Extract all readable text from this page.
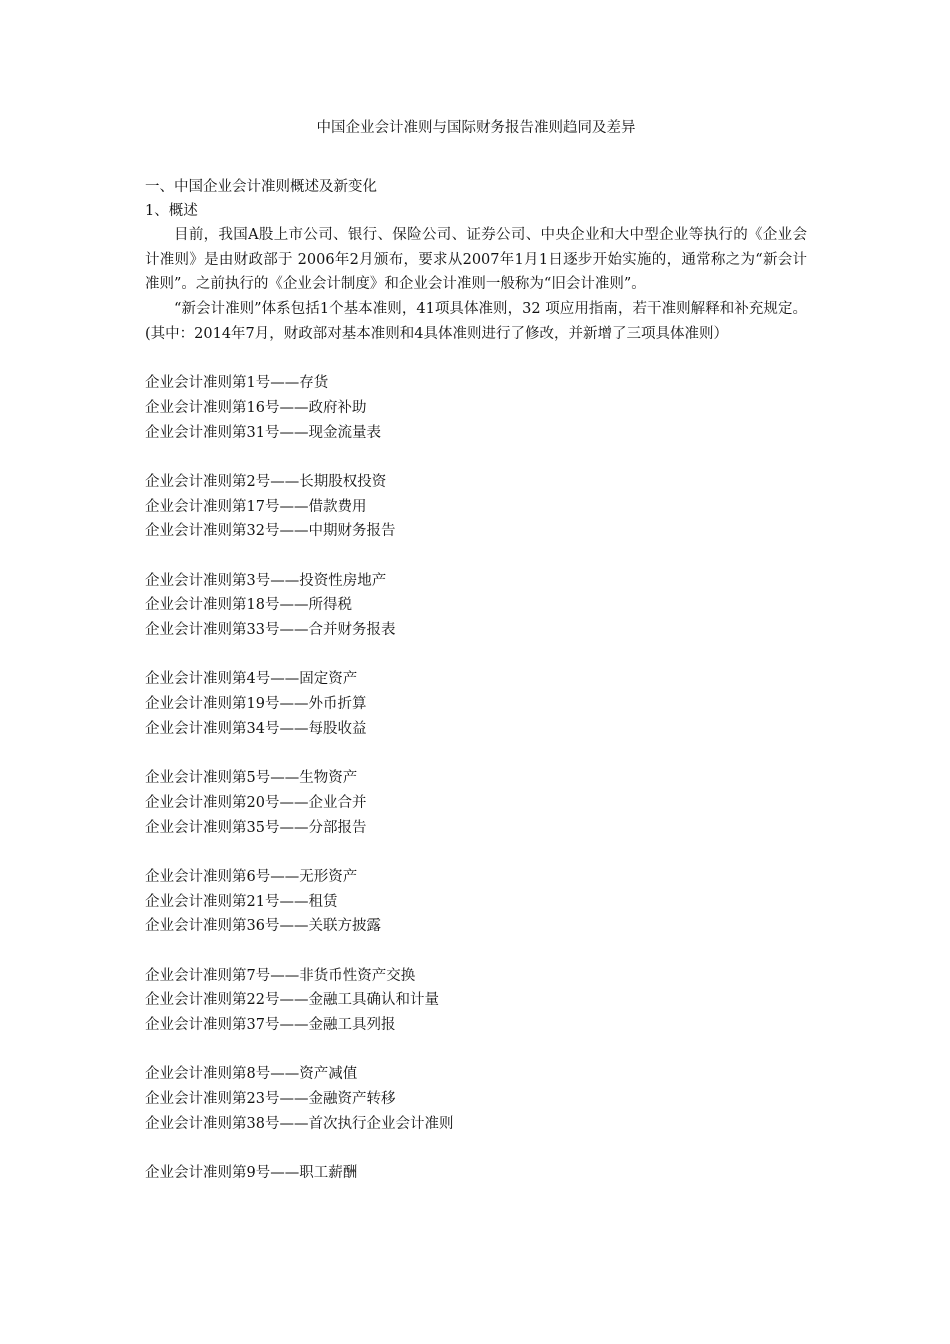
中国企业会计准则与国际财务报告准则趋同及差异
一、中国企业会计准则概述及新变化
1、概述

目前，我国A股上市公司、银行、保险公司、证券公司、中央企业和大中型企业等执行的《企业会计准则》是由财政部于 2006年2月颁布，要求从2007年1月1日逐步开始实施的，通常称之为“新会计准则”。之前执行的《企业会计制度》和企业会计准则一般称为“旧会计准则”。

“新会计准则”体系包括1个基本准则，41项具体准则，32 项应用指南，若干准则解释和补充规定。(其中：2014年7月，财政部对基本准则和4具体准则进行了修改，并新增了三项具体准则）

企业会计准则第1号——存货
企业会计准则第16号——政府补助
企业会计准则第31号——现金流量表
企业会计准则第2号——长期股权投资
企业会计准则第17号——借款费用
企业会计准则第32号——中期财务报告
企业会计准则第3号——投资性房地产
企业会计准则第18号——所得税
企业会计准则第33号——合并财务报表
企业会计准则第4号——固定资产
企业会计准则第19号——外币折算
企业会计准则第34号——每股收益
企业会计准则第5号——生物资产
企业会计准则第20号——企业合并
企业会计准则第35号——分部报告
企业会计准则第6号——无形资产
企业会计准则第21号——租赁
企业会计准则第36号——关联方披露
企业会计准则第7号——非货币性资产交换
企业会计准则第22号——金融工具确认和计量
企业会计准则第37号——金融工具列报
企业会计准则第8号——资产减值
企业会计准则第23号——金融资产转移
企业会计准则第38号——首次执行企业会计准则
企业会计准则第9号——职工薪酬
